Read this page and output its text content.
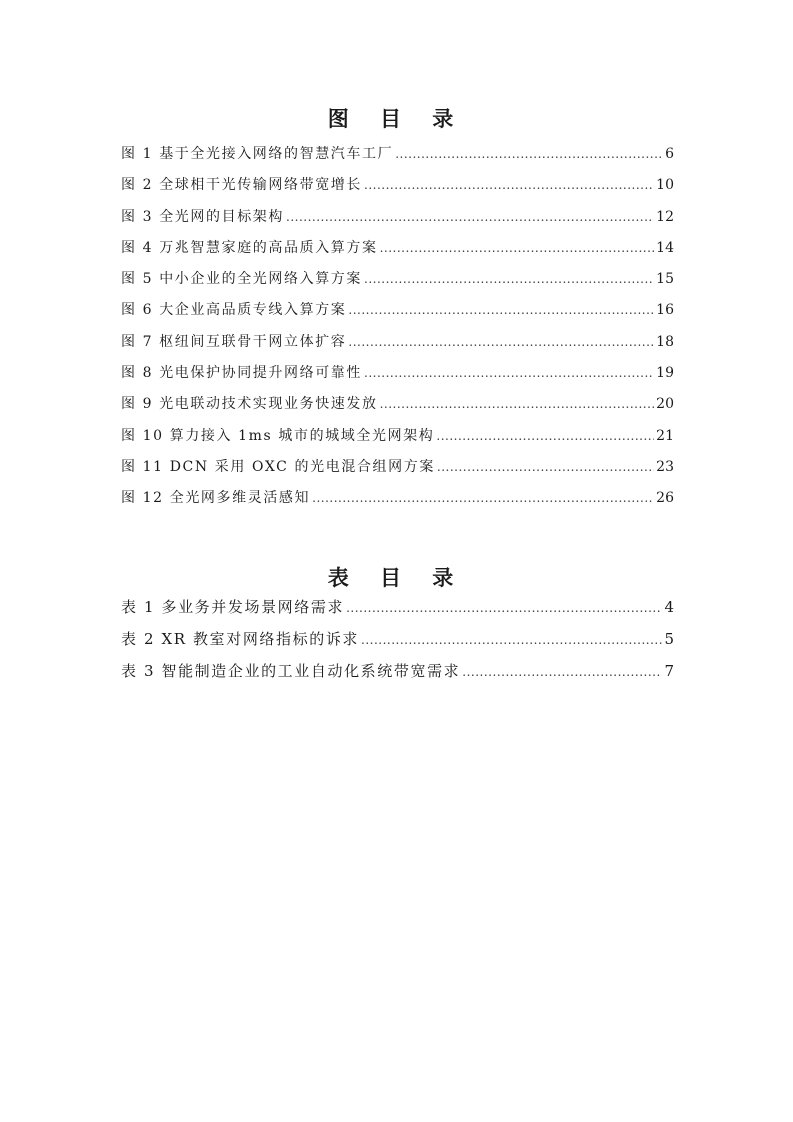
图 目 录
图 1 基于全光接入网络的智慧汽车工厂 .....	6
图 2 全球相干光传输网络带宽增长 .....	10
图 3 全光网的目标架构 .....	12
图 4 万兆智慧家庭的高品质入算方案 .....	14
图 5 中小企业的全光网络入算方案 .....	15
图 6 大企业高品质专线入算方案 .....	16
图 7 枢纽间互联骨干网立体扩容 .....	18
图 8 光电保护协同提升网络可靠性 .....	19
图 9 光电联动技术实现业务快速发放 .....	20
图 10 算力接入 1ms 城市的城域全光网架构 .....	21
图 11 DCN 采用 OXC 的光电混合组网方案 .....	23
图 12 全光网多维灵活感知 .....	26
表 目 录
表 1 多业务并发场景网络需求 .....	4
表 2 XR 教室对网络指标的诉求 .....	5
表 3 智能制造企业的工业自动化系统带宽需求 .....	7
